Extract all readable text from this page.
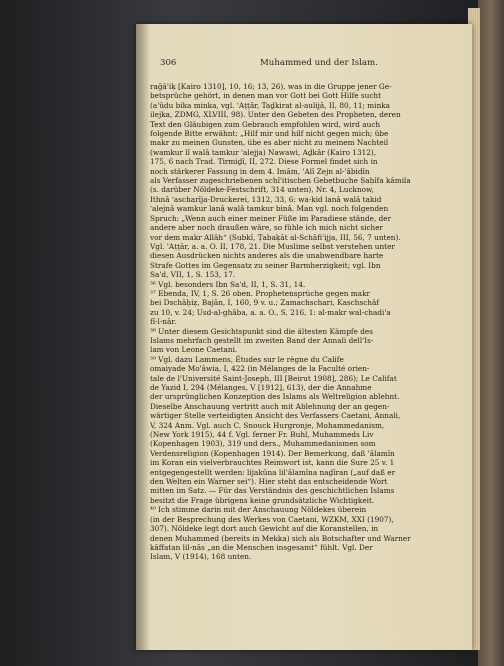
306	Muhammed und der Islam.
rağâ'iḳ [Kairo 1310], 10, 16; 13, 26), was in die Gruppe jener Ge-
betsprüche gehört, in denen man vor Gott bei Gott Hilfe sucht
(a'ûdu bika minka, vgl. 'Aṭṭâr, Taḏkirat al-aulijâ, II, 80, 11; minka
ilejka, ZDMG, XLVIII, 98). Unter den Gebeten des Propheten, deren
Text den Gläubigen zum Gebrauch empfohlen wird, wird auch
folgende Bitte erwähnt: „Hilf mir und hilf nicht gegen mich; übe
makr zu meinen Gunsten, übe es aber nicht zu meinem Nachteil
(wamkur lî walâ tamkur 'alejja) Nawawi, Aḏkâr (Kairo 1312),
175, 6 nach Trad. Tirmiḏî, II, 272. Diese Formel findet sich in
noch stärkerer Fassung in dem 4. Imâm, 'Alî Zejn al-'âbidîn
als Verfasser zugeschriebenen schî'itischen Gebetbuche Ṣaḥîfa kâmila
(s. darüber Nöldeke-Festschrift, 314 unten), Nr. 4, Lucknow,
Ithnâ 'ascharîja-Druckerei, 1312, 33, 6: wa-kid lanâ walâ takid
'alejnâ wamkur lanâ walâ tamkur binâ. Man vgl. noch folgenden
Spruch: „Wenn auch einer meiner Füße im Paradiese stände, der
andere aber noch draußen wäre, so fühle ich mich nicht sicher
vor dem makr Allâh“ (Subkî, Ṭabaḳât al-Schâfi'ijja, III, 56, 7 unten).
Vgl. 'Aṭṭâr, a. a. O. II, 178, 21. Die Muslime selbst verstehen unter
diesen Ausdrücken nichts anderes als die unabwendbare harte
Strafe Gottes im Gegensatz zu seiner Barmherzigkeit; vgl. Ibn
Sa'd, VII, 1, S. 153, 17.
³⁶ Vgl. besonders Ibn Sa'd, II, 1, S. 31, 14.
³⁷ Ebenda, IV, 1, S. 26 oben. Prophetensprüche gegen makr
bei Dschâḥiẓ, Bajân, I, 160, 9 v. u.; Zamachschari, Kaschschâf
zu 10, v. 24; Usd-al-ghâba, a. a. O., S. 216, 1: al-makr wal-chadi'a
fî-l-nâr.
³⁸ Unter diesem Gesichtspunkt sind die ältesten Kämpfe des
Islams mehrfach gestellt im zweiten Band der Annali dell'Is-
lam von Leone Caetani.
³⁹ Vgl. dazu Lammens, Études sur le règne du Calife
omaiyade Mo'âwia, I, 422 (in Mélanges de la Faculté orien-
tale de l'Université Saint-Joseph, III [Beirut 1908], 286); Le Califat
de Yazid I, 294 (Mélanges, V [1912], 613), der die Annahme
der ursprünglichen Konzeption des Islams als Weltreligion ablehnt.
Dieselbe Anschauung vertritt auch mit Ablehnung der an gegen-
wärtiger Stelle verteidigten Ansicht des Verfassers Caetani, Annali,
V, 324 Anm. Vgl. auch C. Snouck Hurgronje, Mohammedanism,
(New York 1915), 44 f. Vgl. ferner Fr. Buhl, Muhammeds Liv
(Kopenhagen 1903), 319 und ders., Muhammedanismen som
Verdensreligion (Kopenhagen 1914). Der Bemerkung, daß 'âlamîn
im Koran ein vielverbrauchtes Reimwort ist, kann die Sure 25 v. 1
entgegengestellt werden: lijakûna lil'âlamîna naḏîran („auf daß er
den Welten ein Warner sei“). Hier steht das entscheidende Wort
mitten im Satz. — Für das Verständnis des geschichtlichen Islams
besitzt die Frage übrigens keine grundsätzliche Wichtigkeit.
⁴⁰ Ich stimme darin mit der Anschauung Nöldekes überein
(in der Besprechung des Werkes von Caetani, WZKM, XXI (1907),
307). Nöldeke legt dort auch Gewicht auf die Koranstellen, in
denen Muhammed (bereits in Mekka) sich als Botschafter und Warner
kâffatan lil-nâs „an die Menschen insgesamt“ fühlt. Vgl. Der
Islam, V (1914), 168 unten.
